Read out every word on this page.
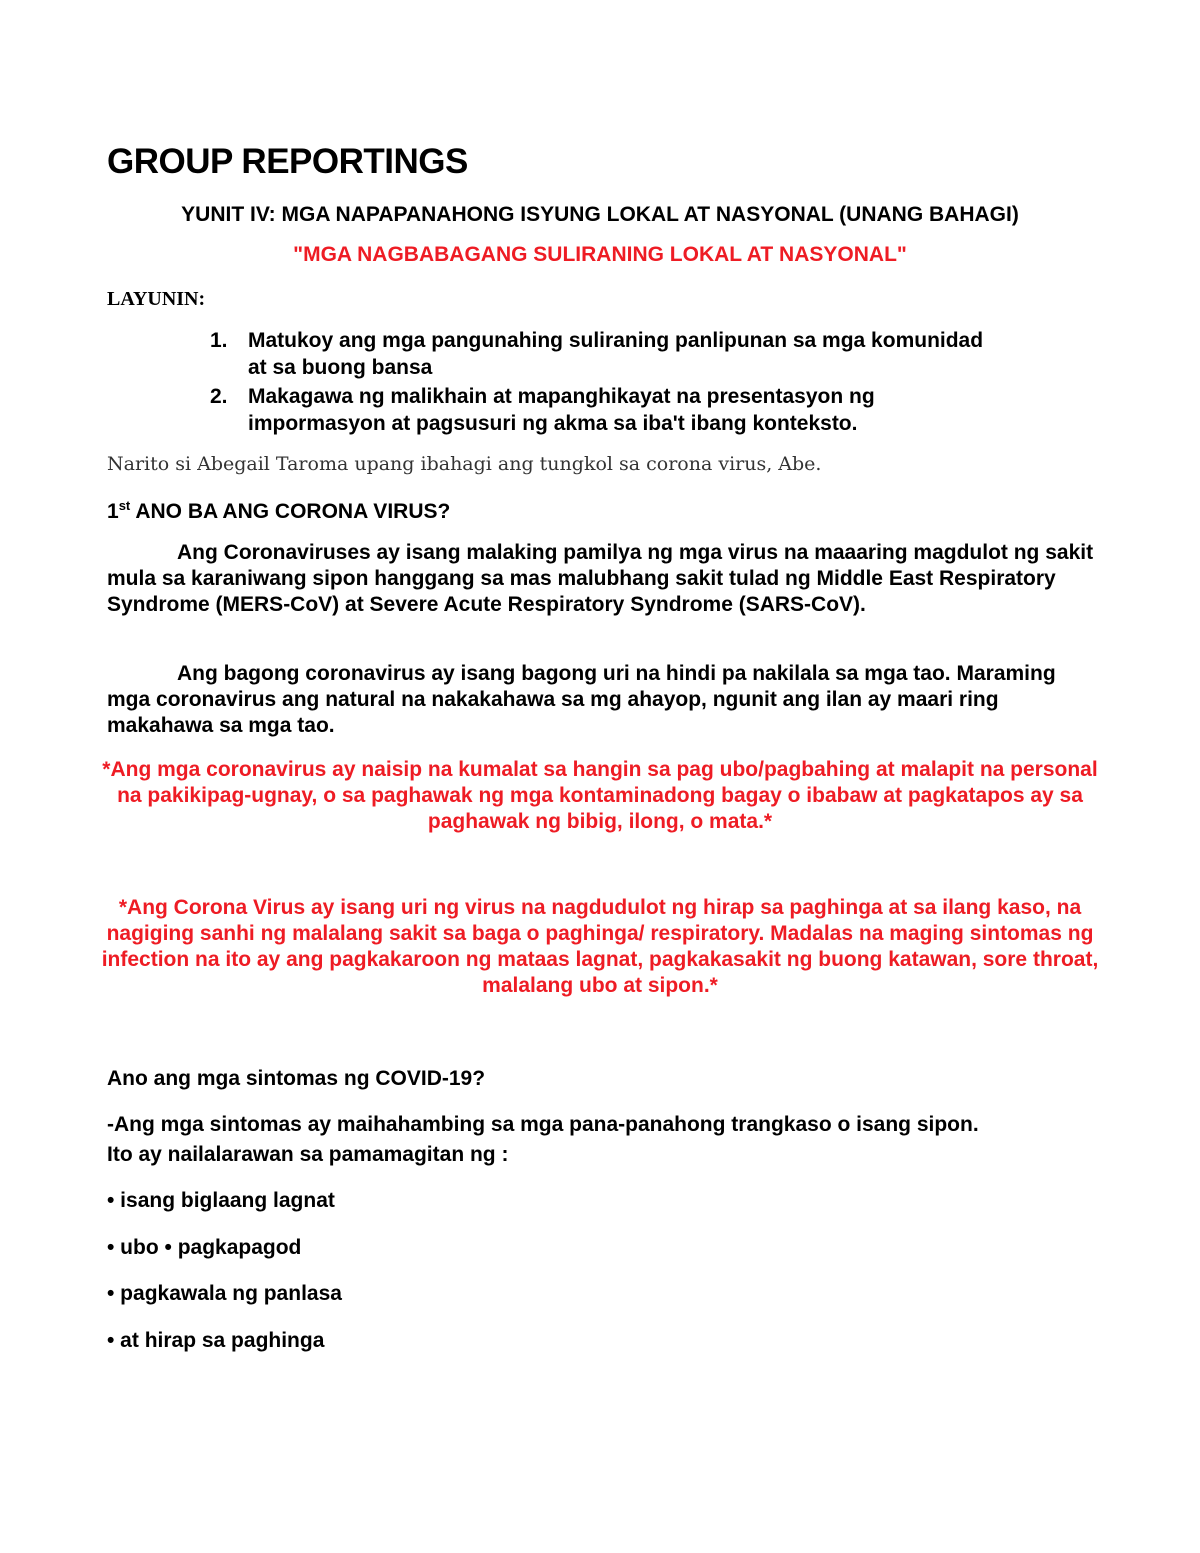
GROUP REPORTINGS
YUNIT IV: MGA NAPAPANAHONG ISYUNG LOKAL AT NASYONAL (UNANG BAHAGI)
"MGA NAGBABAGANG SULIRANING LOKAL AT NASYONAL"
LAYUNIN:
1. Matukoy ang mga pangunahing suliraning panlipunan sa mga komunidad
at sa buong bansa
2. Makagawa ng malikhain at mapanghikayat na presentasyon ng
impormasyon at pagsusuri ng akma sa iba't ibang konteksto.
Narito si Abegail Taroma upang ibahagi ang tungkol sa corona virus, Abe.
1st ANO BA ANG CORONA VIRUS?
Ang Coronaviruses ay isang malaking pamilya ng mga virus na maaaring magdulot ng sakit mula sa karaniwang sipon hanggang sa mas malubhang sakit tulad ng Middle East Respiratory Syndrome (MERS-CoV) at Severe Acute Respiratory Syndrome (SARS-CoV).
Ang bagong coronavirus ay isang bagong uri na hindi pa nakilala sa mga tao. Maraming mga coronavirus ang natural na nakakahawa sa mg ahayop, ngunit ang ilan ay maari ring makahawa sa mga tao.
*Ang mga coronavirus ay naisip na kumalat sa hangin sa pag ubo/pagbahing at malapit na personal na pakikipag-ugnay, o sa paghawak ng mga kontaminadong bagay o ibabaw at pagkatapos ay sa paghawak ng bibig, ilong, o mata.*
*Ang Corona Virus ay isang uri ng virus na nagdudulot ng hirap sa paghinga at sa ilang kaso, na nagiging sanhi ng malalang sakit sa baga o paghinga/ respiratory. Madalas na maging sintomas ng infection na ito ay ang pagkakaroon ng mataas lagnat, pagkakasakit ng buong katawan, sore throat, malalang ubo at sipon.*
Ano ang mga sintomas ng COVID-19?
-Ang mga sintomas ay maihahambing sa mga pana-panahong trangkaso o isang sipon.
Ito ay nailalarawan sa pamamagitan ng :
• isang biglaang lagnat
• ubo • pagkapagod
• pagkawala ng panlasa
• at hirap sa paghinga
